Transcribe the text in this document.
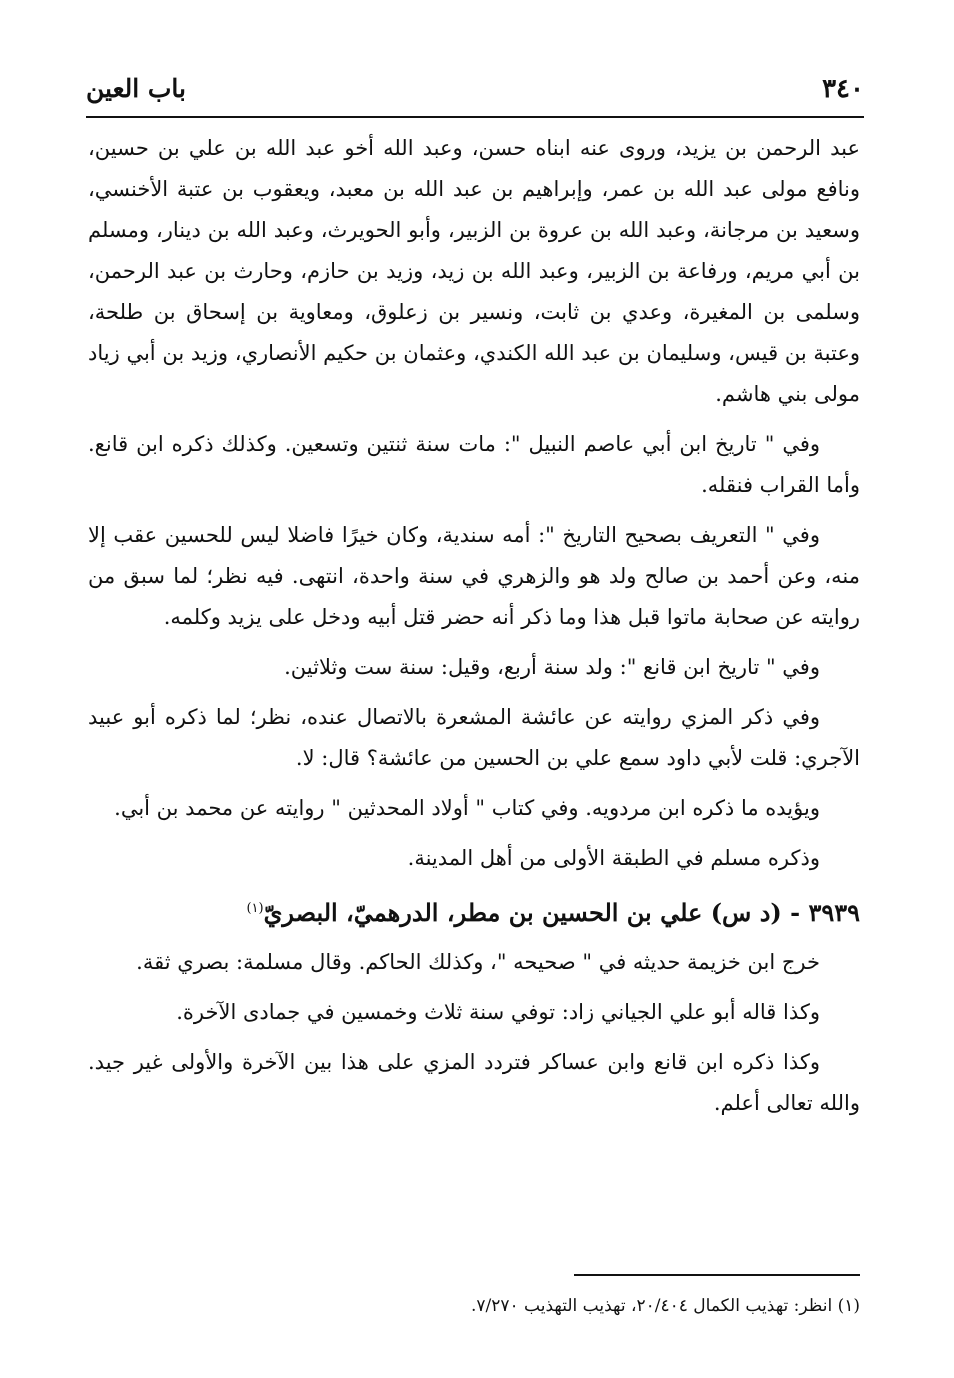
٣٤٠
باب العين

عبد الرحمن بن يزيد، وروى عنه ابناه حسن، وعبد الله أخو عبد الله بن علي بن حسين، ونافع مولى عبد الله بن عمر، وإبراهيم بن عبد الله بن معبد، ويعقوب بن عتبة الأخنسي، وسعيد بن مرجانة، وعبد الله بن عروة بن الزبير، وأبو الحويرث، وعبد الله بن دينار، ومسلم بن أبي مريم، ورفاعة بن الزبير، وعبد الله بن زيد، وزيد بن حازم، وحارث بن عبد الرحمن، وسلمى بن المغيرة، وعدي بن ثابت، ونسير بن زعلوق، ومعاوية بن إسحاق بن طلحة، وعتبة بن قيس، وسليمان بن عبد الله الكندي، وعثمان بن حكيم الأنصاري، وزيد بن أبي زياد مولى بني هاشم.

وفي " تاريخ ابن أبي عاصم النبيل ": مات سنة ثنتين وتسعين. وكذلك ذكره ابن قانع. وأما القراب فنقله.

وفي " التعريف بصحيح التاريخ ": أمه سندية، وكان خيرًا فاضلا ليس للحسين عقب إلا منه، وعن أحمد بن صالح ولد هو والزهري في سنة واحدة، انتهى. فيه نظر؛ لما سبق من روايته عن صحابة ماتوا قبل هذا وما ذكر أنه حضر قتل أبيه ودخل على يزيد وكلمه.

وفي " تاريخ ابن قانع ": ولد سنة أربع، وقيل: سنة ست وثلاثين.

وفي ذكر المزي روايته عن عائشة المشعرة بالاتصال عنده، نظر؛ لما ذكره أبو عبيد الآجري: قلت لأبي داود سمع علي بن الحسين من عائشة؟ قال: لا.

ويؤيده ما ذكره ابن مردويه. وفي كتاب " أولاد المحدثين " روايته عن محمد بن أبي.

وذكره مسلم في الطبقة الأولى من أهل المدينة.

٣٩٣٩ - (د س) علي بن الحسين بن مطر، الدرهميّ، البصريّ$^{(١)}$

خرج ابن خزيمة حديثه في " صحيحه "، وكذلك الحاكم. وقال مسلمة: بصري ثقة.

وكذا قاله أبو علي الجياني زاد: توفي سنة ثلاث وخمسين في جمادى الآخرة.

وكذا ذكره ابن قانع وابن عساكر فتردد المزي على هذا بين الآخرة والأولى غير جيد. والله تعالى أعلم.

(١) انظر: تهذيب الكمال ٢٠/٤٠٤، تهذيب التهذيب ٧/٢٧٠.
